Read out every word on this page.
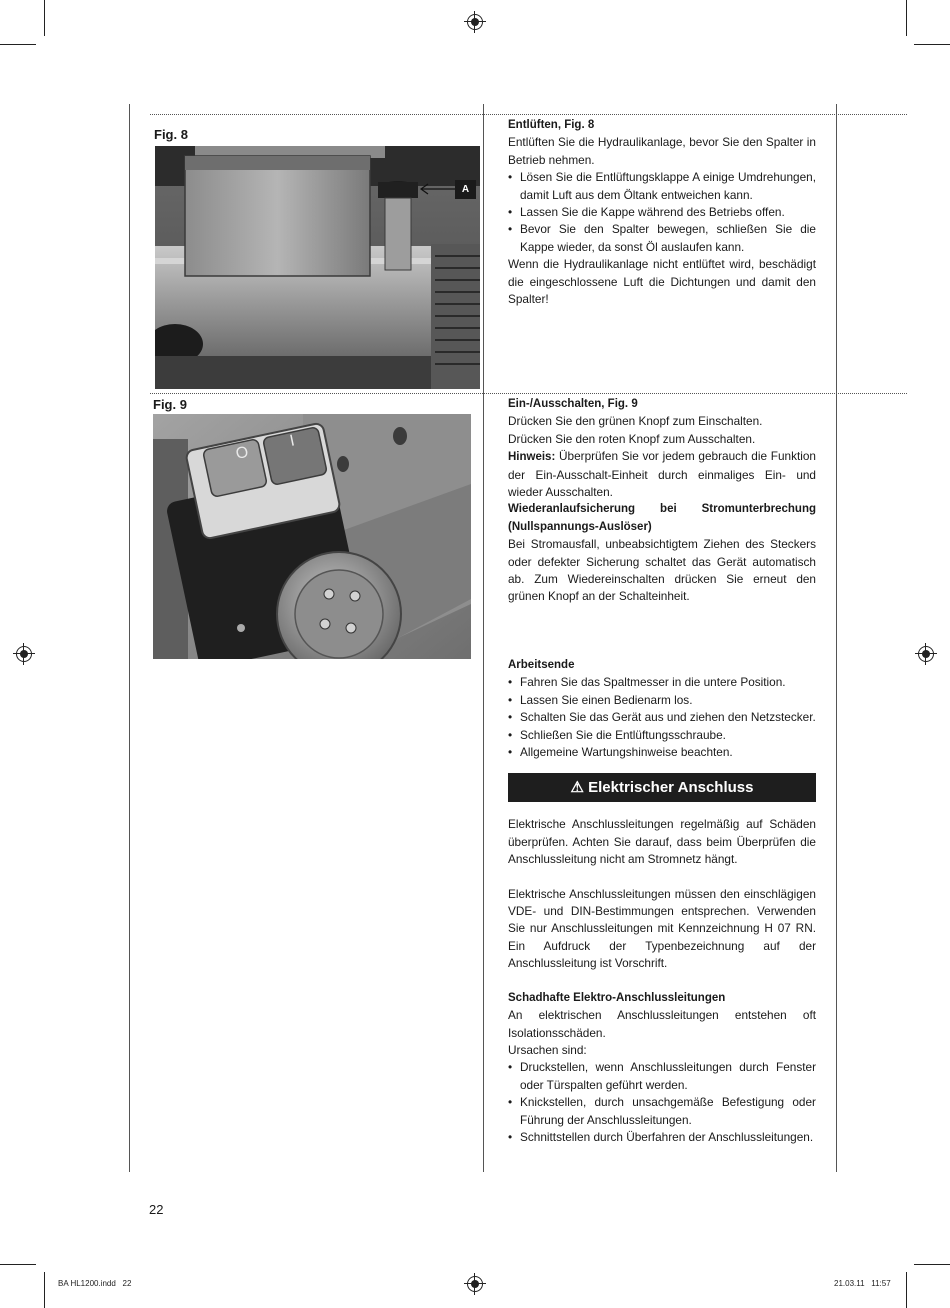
Fig. 8
A
Fig. 9
O
I

Entlüften, Fig. 8

Entlüften Sie die Hydraulikanlage, bevor Sie den Spalter in Betrieb nehmen.

• Lösen Sie die Entlüftungsklappe A einige Umdrehungen, damit Luft aus dem Öltank entweichen kann.
• Lassen Sie die Kappe während des Betriebs offen.
• Bevor Sie den Spalter bewegen, schließen Sie die Kappe wieder, da sonst Öl auslaufen kann.

Wenn die Hydraulikanlage nicht entlüftet wird, beschädigt die eingeschlossene Luft die Dichtungen und damit den Spalter!

Ein-/Ausschalten, Fig. 9

Drücken Sie den grünen Knopf zum Einschalten.

Drücken Sie den roten Knopf zum Ausschalten.

Hinweis: Überprüfen Sie vor jedem gebrauch die Funktion der Ein-Ausschalt-Einheit durch einmaliges Ein- und wieder Ausschalten.

Wiederanlaufsicherung bei Stromunterbrechung (Nullspannungs-Auslöser)

Bei Stromausfall, unbeabsichtigtem Ziehen des Steckers oder defekter Sicherung schaltet das Gerät automatisch ab. Zum Wiedereinschalten drücken Sie erneut den grünen Knopf an der Schalteinheit.

Arbeitsende

• Fahren Sie das Spaltmesser in die untere Position.
• Lassen Sie einen Bedienarm los.
• Schalten Sie das Gerät aus und ziehen den Netzstecker.
• Schließen Sie die Entlüftungsschraube.
• Allgemeine Wartungshinweise beachten.
⚠ Elektrischer Anschluss

Elektrische Anschlussleitungen regelmäßig auf Schäden überprüfen. Achten Sie darauf, dass beim Überprüfen die Anschlussleitung nicht am Stromnetz hängt.

Elektrische Anschlussleitungen müssen den einschlägigen VDE- und DIN-Bestimmungen entsprechen. Verwenden Sie nur Anschlussleitungen mit Kennzeichnung H 07 RN. Ein Aufdruck der Typenbezeichnung auf der Anschlussleitung ist Vorschrift.

Schadhafte Elektro-Anschlussleitungen

An elektrischen Anschlussleitungen entstehen oft Isolationsschäden.

Ursachen sind:

• Druckstellen, wenn Anschlussleitungen durch Fenster oder Türspalten geführt werden.
• Knickstellen, durch unsachgemäße Befestigung oder Führung der Anschlussleitungen.
• Schnittstellen durch Überfahren der Anschlussleitungen.
22
BA HL1200.indd   22	21.03.11   11:57
